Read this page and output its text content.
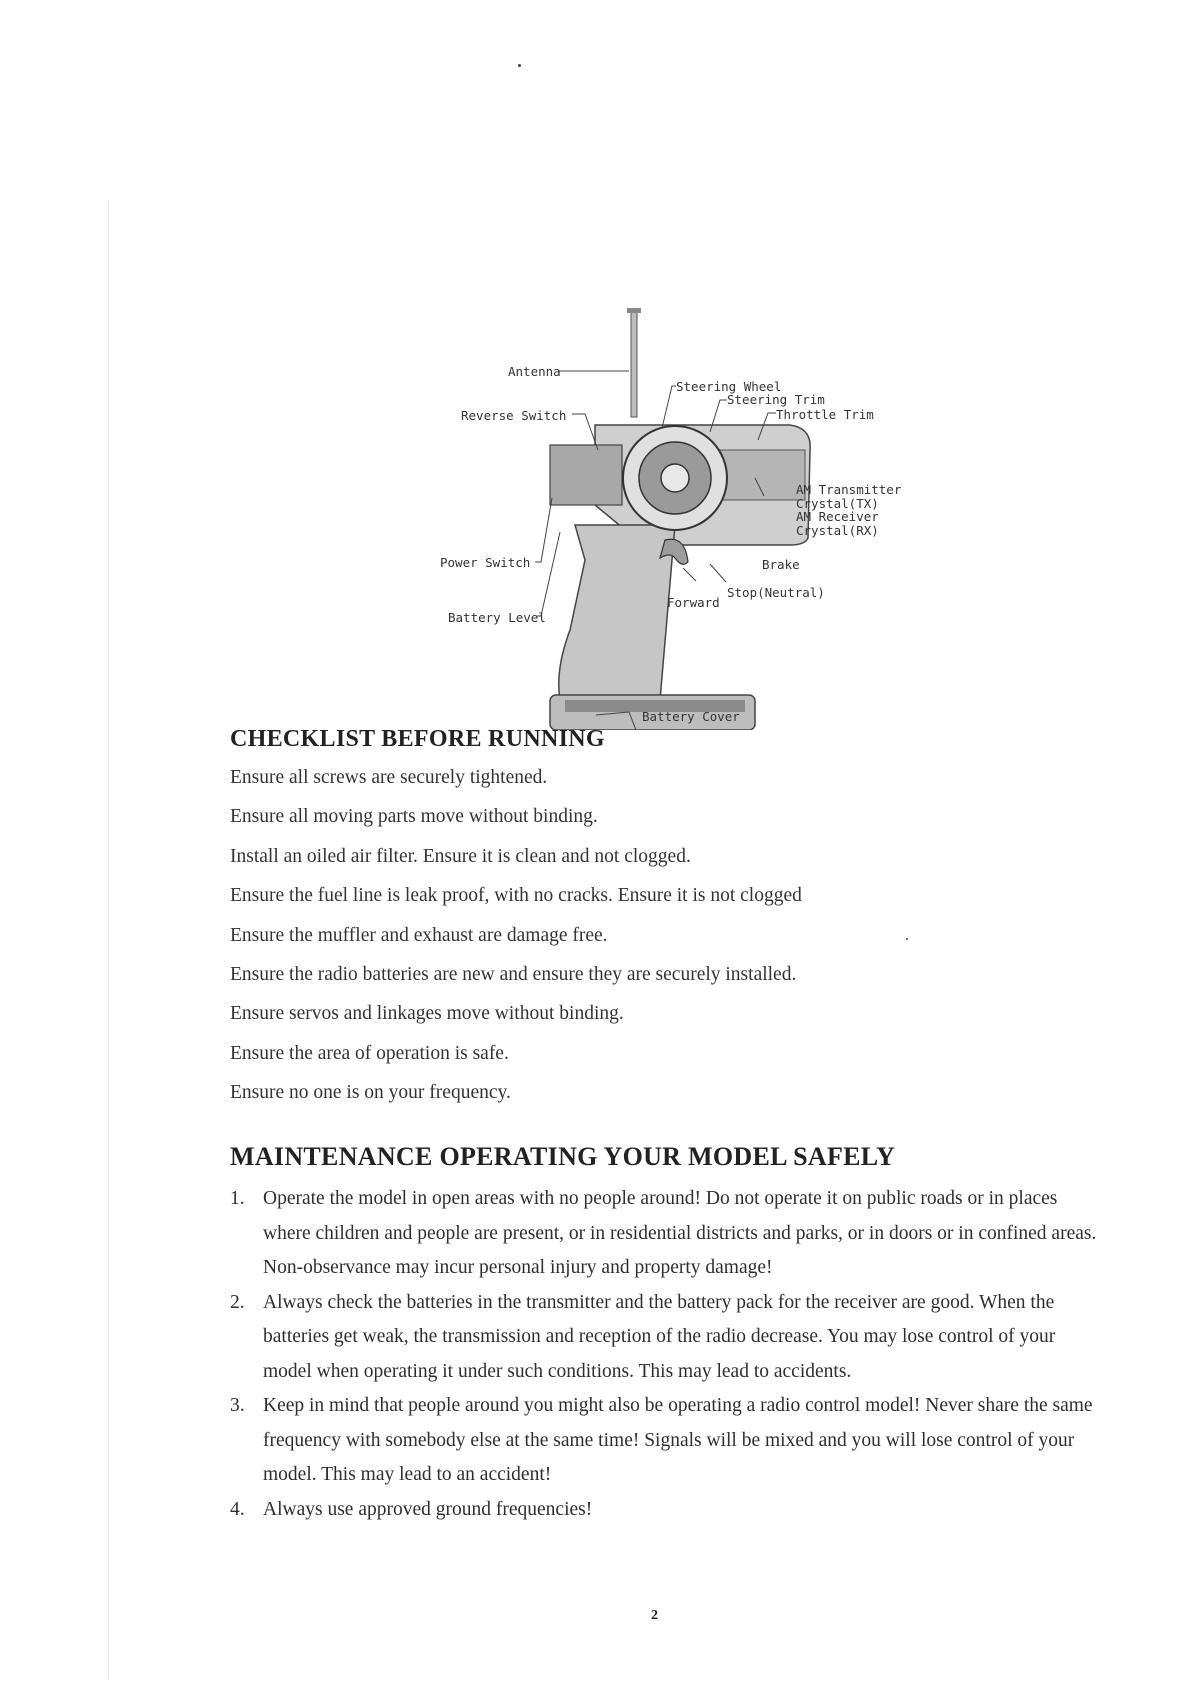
Antenna
Reverse Switch
Steering Wheel
Steering Trim
Throttle Trim
AM Transmitter
Crystal(TX)
AM Receiver
Crystal(RX)
Power Switch	Brake
Stop(Neutral)
Forward
Battery Level
Battery Cover
CHECKLIST BEFORE RUNNING
Ensure all screws are securely tightened.
Ensure all moving parts move without binding.
Install an oiled air filter. Ensure it is clean and not clogged.
Ensure the fuel line is leak proof, with no cracks. Ensure it is not clogged
Ensure the muffler and exhaust are damage free.
Ensure the radio batteries are new and ensure they are securely installed.
Ensure servos and linkages move without binding.
Ensure the area of operation is safe.
Ensure no one is on your frequency.
MAINTENANCE OPERATING YOUR MODEL SAFELY
1. Operate the model in open areas with no people around! Do not operate it on public roads or in places where children and people are present, or in residential districts and parks, or in doors or in confined areas. Non-observance may incur personal injury and property damage!
2. Always check the batteries in the transmitter and the battery pack for the receiver are good. When the batteries get weak, the transmission and reception of the radio decrease. You may lose control of your model when operating it under such conditions. This may lead to accidents.
3. Keep in mind that people around you might also be operating a radio control model! Never share the same frequency with somebody else at the same time! Signals will be mixed and you will lose control of your model. This may lead to an accident!
4. Always use approved ground frequencies!
2
